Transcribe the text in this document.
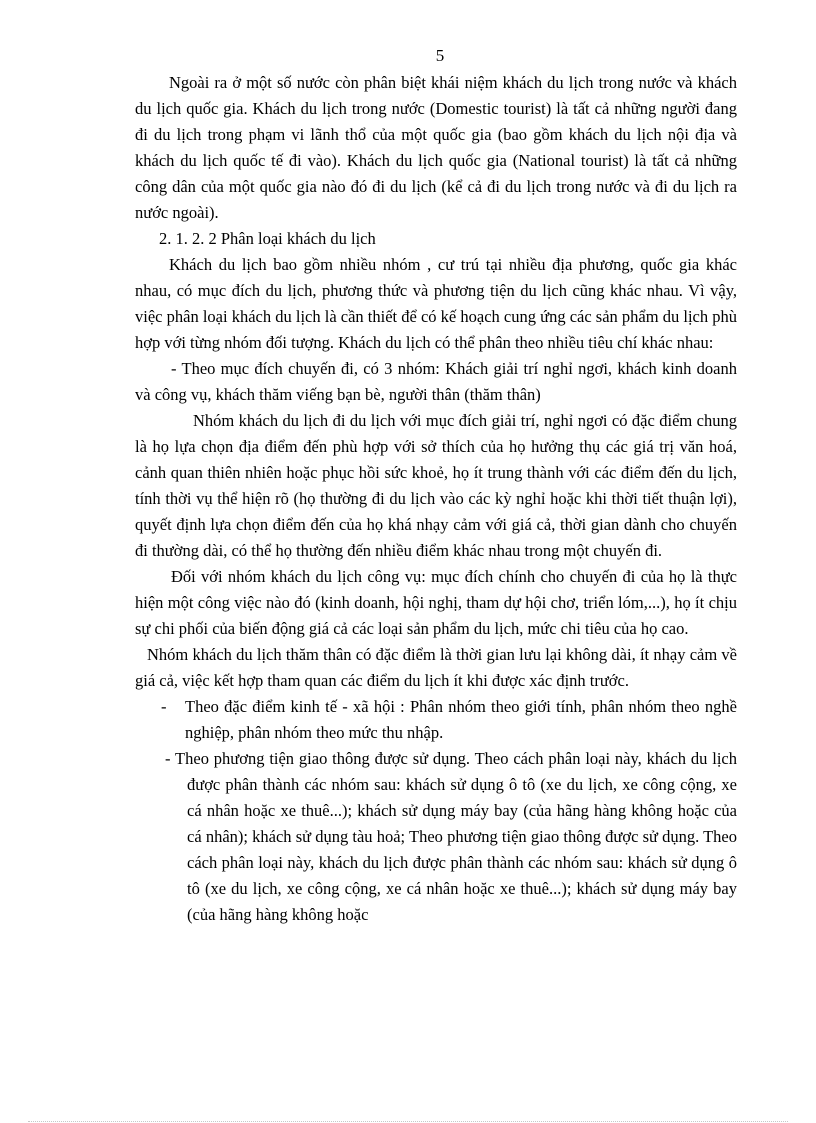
5

Ngoài ra ở một số nước còn phân biệt khái niệm khách du lịch trong nước và khách du lịch quốc gia. Khách du lịch trong nước (Domestic tourist) là tất cả những người đang đi du lịch trong phạm vi lãnh thổ của một quốc gia (bao gồm khách du lịch nội địa và khách du lịch quốc tế đi vào). Khách du lịch quốc gia (National tourist) là tất cả những công dân của một quốc gia nào đó đi du lịch (kể cả đi du lịch trong nước và đi du lịch ra nước ngoài).

2. 1. 2. 2 Phân loại khách du lịch

Khách du lịch bao gồm nhiều nhóm , cư trú tại nhiều địa phương, quốc gia khác nhau, có mục đích du lịch, phương thức và phương tiện du lịch cũng khác nhau. Vì vậy, việc phân loại khách du lịch là cần thiết để có kế hoạch cung ứng các sản phẩm du lịch phù hợp với từng nhóm đối tượng. Khách du lịch có thể phân theo nhiều tiêu chí khác nhau:

- Theo mục đích chuyến đi, có 3 nhóm: Khách giải trí nghỉ ngơi, khách kinh doanh và công vụ, khách thăm viếng bạn bè, người thân (thăm thân)

Nhóm khách du lịch đi du lịch với mục đích giải trí, nghỉ ngơi có đặc điểm chung là họ lựa chọn địa điểm đến phù hợp với sở thích của họ hưởng thụ các giá trị văn hoá, cảnh quan thiên nhiên hoặc phục hồi sức khoẻ, họ ít trung thành với các điểm đến du lịch, tính thời vụ thể hiện rõ (họ thường đi du lịch vào các kỳ nghỉ hoặc khi thời tiết thuận lợi), quyết định lựa chọn điểm đến của họ khá nhạy cảm với giá cả, thời gian dành cho chuyến đi thường dài, có thể họ thường đến nhiều điểm khác nhau trong một chuyến đi.

Đối với nhóm khách du lịch công vụ: mục đích chính cho chuyến đi của họ là thực hiện một công việc nào đó (kinh doanh, hội nghị, tham dự hội chơ, triển lóm,...), họ ít chịu sự chi phối của biến động giá cả các loại sản phẩm du lịch, mức chi tiêu của họ cao.

Nhóm khách du lịch thăm thân có đặc điểm là thời gian lưu lại không dài, ít nhạy cảm về giá cả, việc kết hợp tham quan các điểm du lịch ít khi được xác định trước.

-	Theo đặc điểm kinh tế - xã hội : Phân nhóm theo giới tính, phân nhóm theo nghề nghiệp, phân nhóm theo mức thu nhập.

- Theo phương tiện giao thông được sử dụng. Theo cách phân loại này, khách du lịch được phân thành các nhóm sau: khách sử dụng ô tô (xe du lịch, xe công cộng, xe cá nhân hoặc xe thuê...); khách sử dụng máy bay (của hãng hàng không hoặc của cá nhân); khách sử dụng tàu hoả; Theo phương tiện giao thông được sử dụng. Theo cách phân loại này, khách du lịch được phân thành các nhóm sau: khách sử dụng ô tô (xe du lịch, xe công cộng, xe cá nhân hoặc xe thuê...); khách sử dụng máy bay (của hãng hàng không hoặc
